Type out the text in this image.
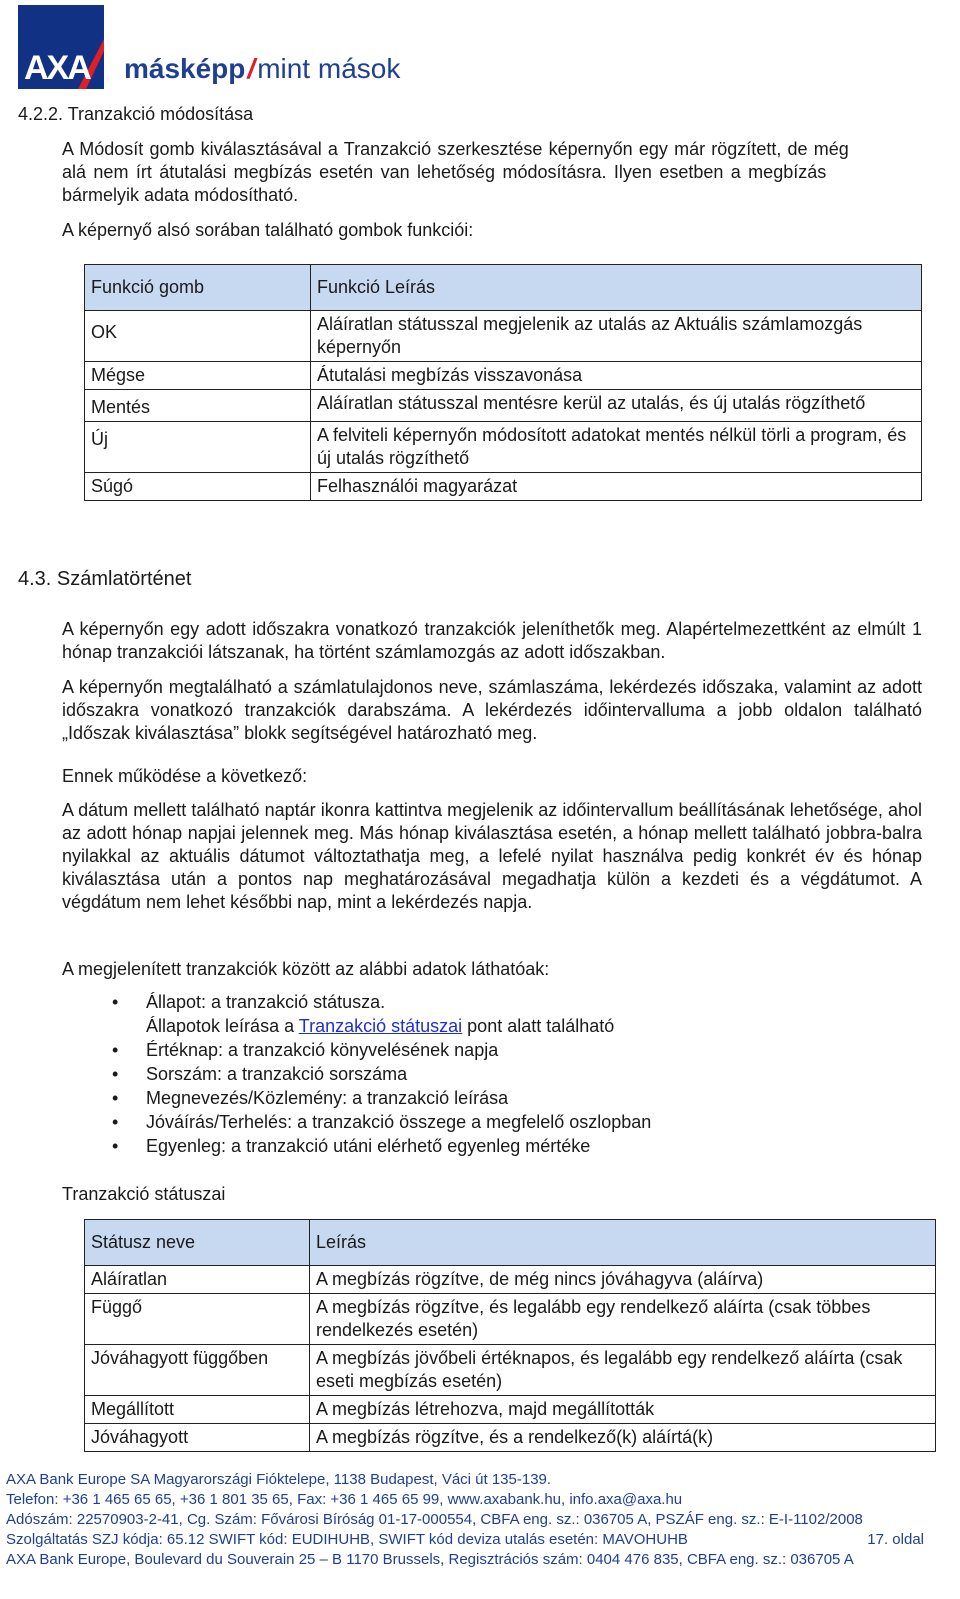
AXA másképp/mint mások
4.2.2. Tranzakció módosítása
A Módosít gomb kiválasztásával a Tranzakció szerkesztése képernyőn egy már rögzített, de még
alá nem írt átutalási megbízás esetén van lehetőség módosításra. Ilyen esetben a megbízás
bármelyik adata módosítható.
A képernyő alsó sorában található gombok funkciói:
Funkció gomb	Funkció Leírás
OK	Aláíratlan státusszal megjelenik az utalás az Aktuális számlamozgás képernyőn
Mégse	Átutalási megbízás visszavonása
Mentés	Aláíratlan státusszal mentésre kerül az utalás, és új utalás rögzíthető
Új	A felviteli képernyőn módosított adatokat mentés nélkül törli a program, és új utalás rögzíthető
Súgó	Felhasználói magyarázat
4.3. Számlatörténet
A képernyőn egy adott időszakra vonatkozó tranzakciók jeleníthetők meg. Alapértelmezettként az elmúlt 1 hónap tranzakciói látszanak, ha történt számlamozgás az adott időszakban.
A képernyőn megtalálható a számlatulajdonos neve, számlaszáma, lekérdezés időszaka, valamint az adott időszakra vonatkozó tranzakciók darabszáma. A lekérdezés időintervalluma a jobb oldalon található „Időszak kiválasztása” blokk segítségével határozható meg.
Ennek működése a következő:
A dátum mellett található naptár ikonra kattintva megjelenik az időintervallum beállításának lehetősége, ahol az adott hónap napjai jelennek meg. Más hónap kiválasztása esetén, a hónap mellett található jobbra-balra nyilakkal az aktuális dátumot változtathatja meg, a lefelé nyilat használva pedig konkrét év és hónap kiválasztása után a pontos nap meghatározásával megadhatja külön a kezdeti és a végdátumot. A végdátum nem lehet későbbi nap, mint a lekérdezés napja.
A megjelenített tranzakciók között az alábbi adatok láthatóak:
• Állapot: a tranzakció státusza.
Állapotok leírása a Tranzakció státuszai pont alatt található
• Értéknap: a tranzakció könyvelésének napja
• Sorszám: a tranzakció sorszáma
• Megnevezés/Közlemény: a tranzakció leírása
• Jóváírás/Terhelés: a tranzakció összege a megfelelő oszlopban
• Egyenleg: a tranzakció utáni elérhető egyenleg mértéke
Tranzakció státuszai
Státusz neve	Leírás
Aláíratlan	A megbízás rögzítve, de még nincs jóváhagyva (aláírva)
Függő	A megbízás rögzítve, és legalább egy rendelkező aláírta (csak többes rendelkezés esetén)
Jóváhagyott függőben	A megbízás jövőbeli értéknapos, és legalább egy rendelkező aláírta (csak eseti megbízás esetén)
Megállított	A megbízás létrehozva, majd megállították
Jóváhagyott	A megbízás rögzítve, és a rendelkező(k) aláírtá(k)
AXA Bank Europe SA Magyarországi Fióktelepe, 1138 Budapest, Váci út 135-139.
Telefon: +36 1 465 65 65, +36 1 801 35 65, Fax: +36 1 465 65 99, www.axabank.hu, info.axa@axa.hu
Adószám: 22570903-2-41, Cg. Szám: Fővárosi Bíróság 01-17-000554, CBFA eng. sz.: 036705 A, PSZÁF eng. sz.: E-I-1102/2008
Szolgáltatás SZJ kódja: 65.12 SWIFT kód: EUDIHUHB, SWIFT kód deviza utalás esetén: MAVOHUHB	17. oldal
AXA Bank Europe, Boulevard du Souverain 25 – B 1170 Brussels, Regisztrációs szám: 0404 476 835, CBFA eng. sz.: 036705 A
